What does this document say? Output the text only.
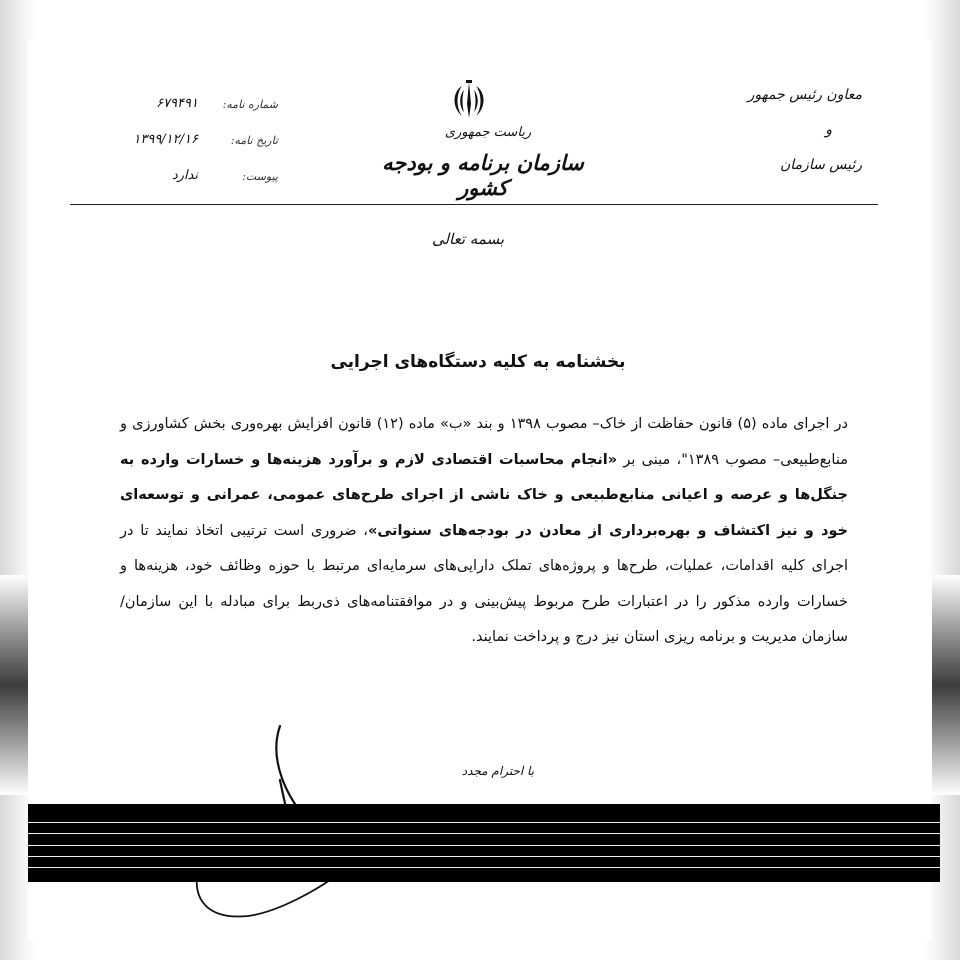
معاون رئیس جمهور
و
رئیس سازمان
ریاست جمهوری
سازمان برنامه و بودجه کشور
شماره نامه:
۶۷۹۴۹۱
تاریخ نامه:
۱۳۹۹/۱۲/۱۶
پیوست:
ندارد
بسمه تعالی
بخشنامه به کلیه دستگاه‌های اجرایی
در اجرای ماده (۵) قانون حفاظت از خاک– مصوب ۱۳۹۸ و بند «ب» ماده (۱۲) قانون افزایش بهره‌وری بخش کشاورزی و منابع‌طبیعی– مصوب ۱۳۸۹"، مبنی بر «انجام محاسبات اقتصادی لازم و برآورد هزینه‌ها و خسارات وارده به جنگل‌ها و عرصه و اعیانی منابع‌طبیعی و خاک ناشی از اجرای طرح‌های عمومی، عمرانی و توسعه‌ای خود و نیز اکتشاف و بهره‌برداری از معادن در بودجه‌های سنواتی»، ضروری است ترتیبی اتخاذ نمایند تا در اجرای کلیه اقدامات، عملیات، طرح‌ها و پروژه‌های تملک دارایی‌های سرمایه‌ای مرتبط با حوزه وظائف خود، هزینه‌ها و خسارات وارده مذکور را در اعتبارات طرح مربوط پیش‌بینی و در موافقتنامه‌های ذی‌ربط برای مبادله با این سازمان/سازمان مدیریت و برنامه ریزی استان نیز درج و پرداخت نمایند.
با احترام مجدد
